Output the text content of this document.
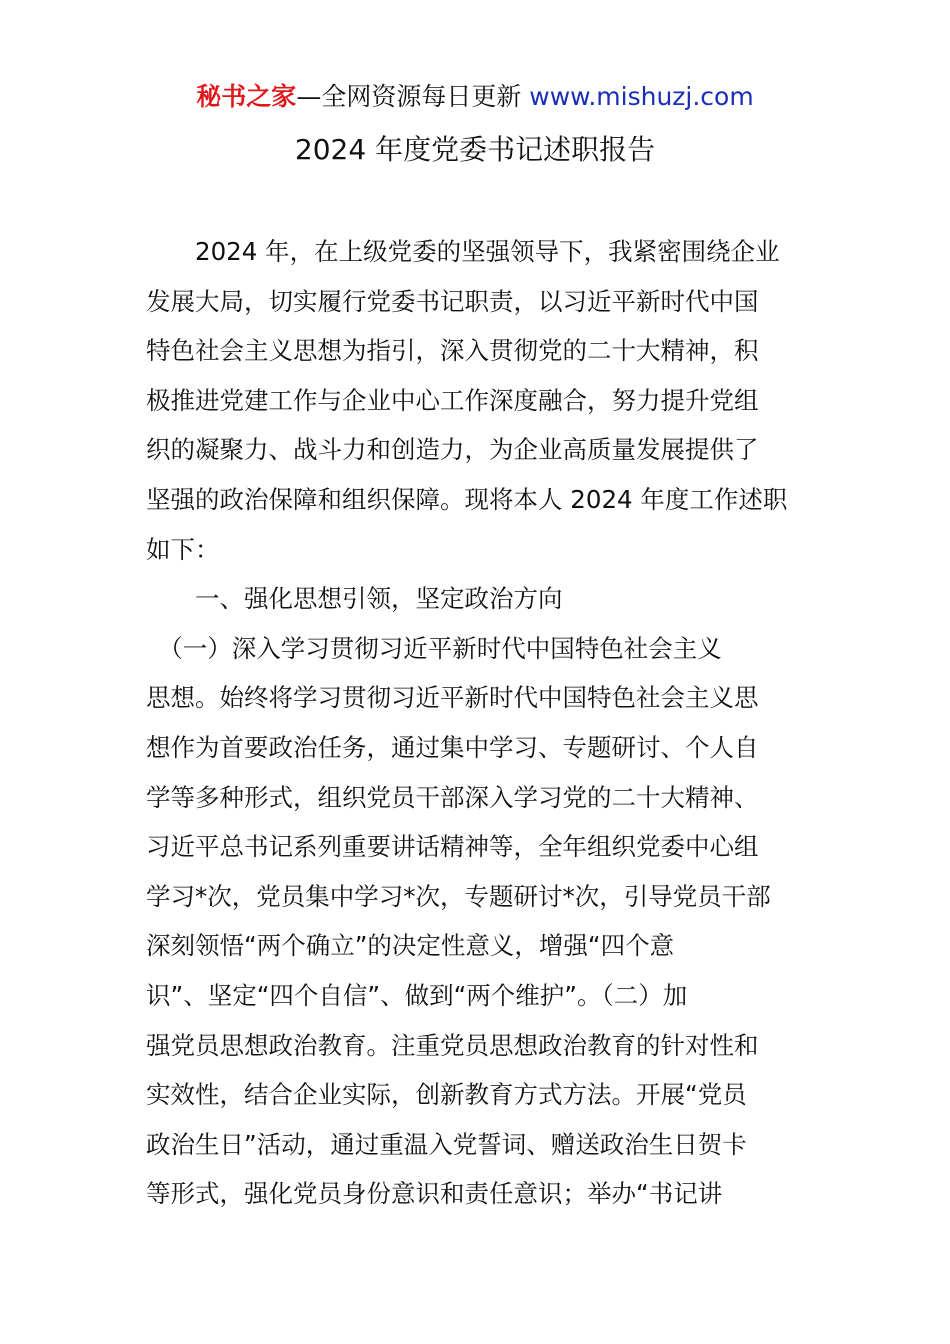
秘书之家—全网资源每日更新 www.mishuzj.com
2024 年度党委书记述职报告
　　2024 年，在上级党委的坚强领导下，我紧密围绕企业
发展大局，切实履行党委书记职责，以习近平新时代中国
特色社会主义思想为指引，深入贯彻党的二十大精神，积
极推进党建工作与企业中心工作深度融合，努力提升党组
织的凝聚力、战斗力和创造力，为企业高质量发展提供了
坚强的政治保障和组织保障。现将本人 2024 年度工作述职
如下：
　　一、强化思想引领，坚定政治方向
　（一）深入学习贯彻习近平新时代中国特色社会主义
思想。始终将学习贯彻习近平新时代中国特色社会主义思
想作为首要政治任务，通过集中学习、专题研讨、个人自
学等多种形式，组织党员干部深入学习党的二十大精神、
习近平总书记系列重要讲话精神等，全年组织党委中心组
学习*次，党员集中学习*次，专题研讨*次，引导党员干部
深刻领悟“两个确立”的决定性意义，增强“四个意
识”、坚定“四个自信”、做到“两个维护”。（二）加
强党员思想政治教育。注重党员思想政治教育的针对性和
实效性，结合企业实际，创新教育方式方法。开展“党员
政治生日”活动，通过重温入党誓词、赠送政治生日贺卡
等形式，强化党员身份意识和责任意识；举办“书记讲
